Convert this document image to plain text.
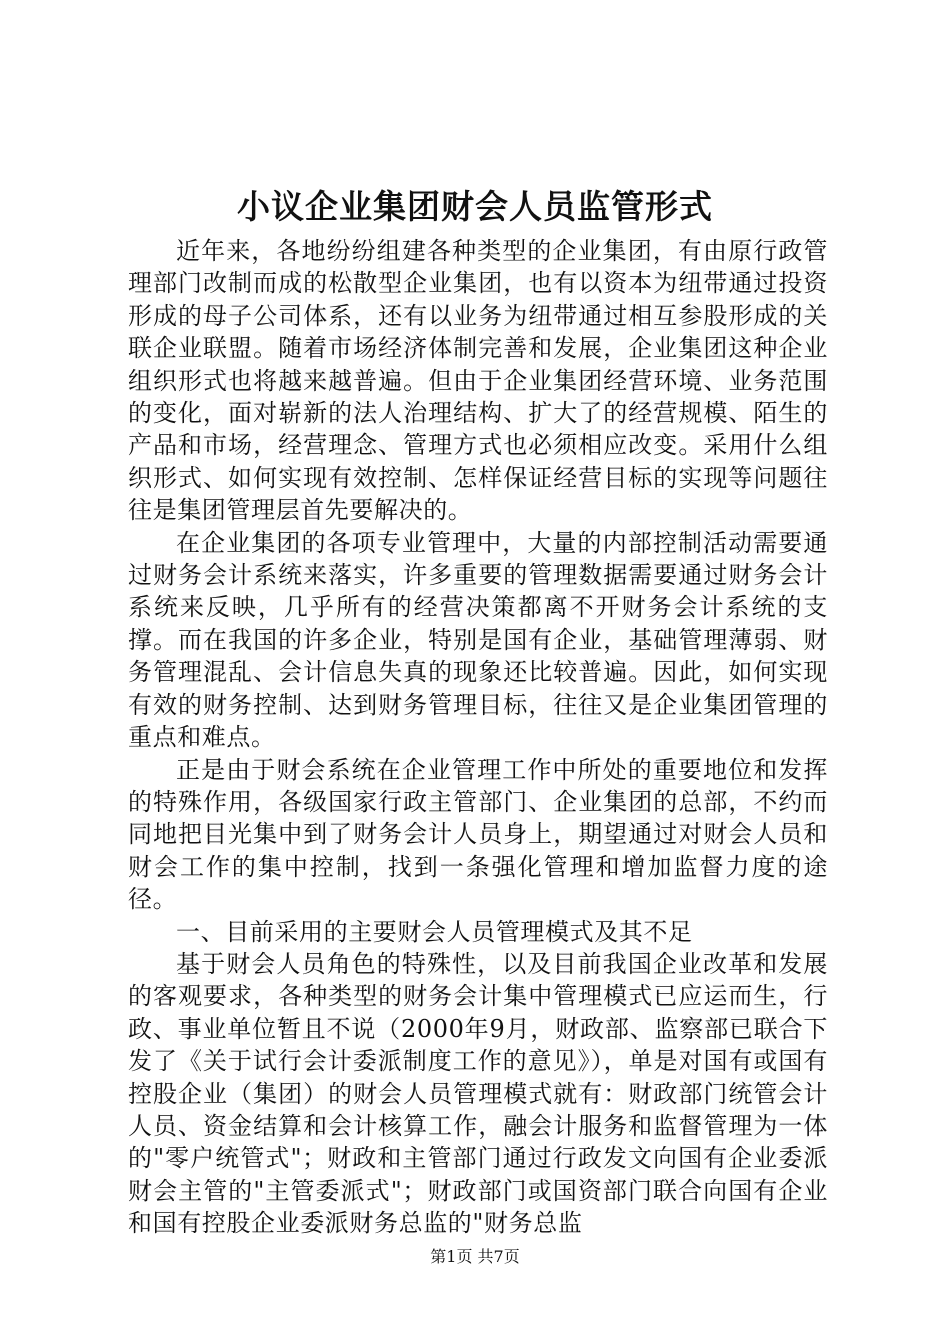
小议企业集团财会人员监管形式

近年来，各地纷纷组建各种类型的企业集团，有由原行政管理部门改制而成的松散型企业集团，也有以资本为纽带通过投资形成的母子公司体系，还有以业务为纽带通过相互参股形成的关联企业联盟。随着市场经济体制完善和发展，企业集团这种企业组织形式也将越来越普遍。但由于企业集团经营环境、业务范围的变化，面对崭新的法人治理结构、扩大了的经营规模、陌生的产品和市场，经营理念、管理方式也必须相应改变。采用什么组织形式、如何实现有效控制、怎样保证经营目标的实现等问题往往是集团管理层首先要解决的。

在企业集团的各项专业管理中，大量的内部控制活动需要通过财务会计系统来落实，许多重要的管理数据需要通过财务会计系统来反映，几乎所有的经营决策都离不开财务会计系统的支撑。而在我国的许多企业，特别是国有企业，基础管理薄弱、财务管理混乱、会计信息失真的现象还比较普遍。因此，如何实现有效的财务控制、达到财务管理目标，往往又是企业集团管理的重点和难点。

正是由于财会系统在企业管理工作中所处的重要地位和发挥的特殊作用，各级国家行政主管部门、企业集团的总部，不约而同地把目光集中到了财务会计人员身上，期望通过对财会人员和财会工作的集中控制，找到一条强化管理和增加监督力度的途径。

一、目前采用的主要财会人员管理模式及其不足

基于财会人员角色的特殊性，以及目前我国企业改革和发展的客观要求，各种类型的财务会计集中管理模式已应运而生，行政、事业单位暂且不说（2000年9月，财政部、监察部已联合下发了《关于试行会计委派制度工作的意见》），单是对国有或国有控股企业（集团）的财会人员管理模式就有：财政部门统管会计人员、资金结算和会计核算工作，融会计服务和监督管理为一体的"零户统管式"；财政和主管部门通过行政发文向国有企业委派财会主管的"主管委派式"；财政部门或国资部门联合向国有企业和国有控股企业委派财务总监的"财务总监

第1页 共7页
